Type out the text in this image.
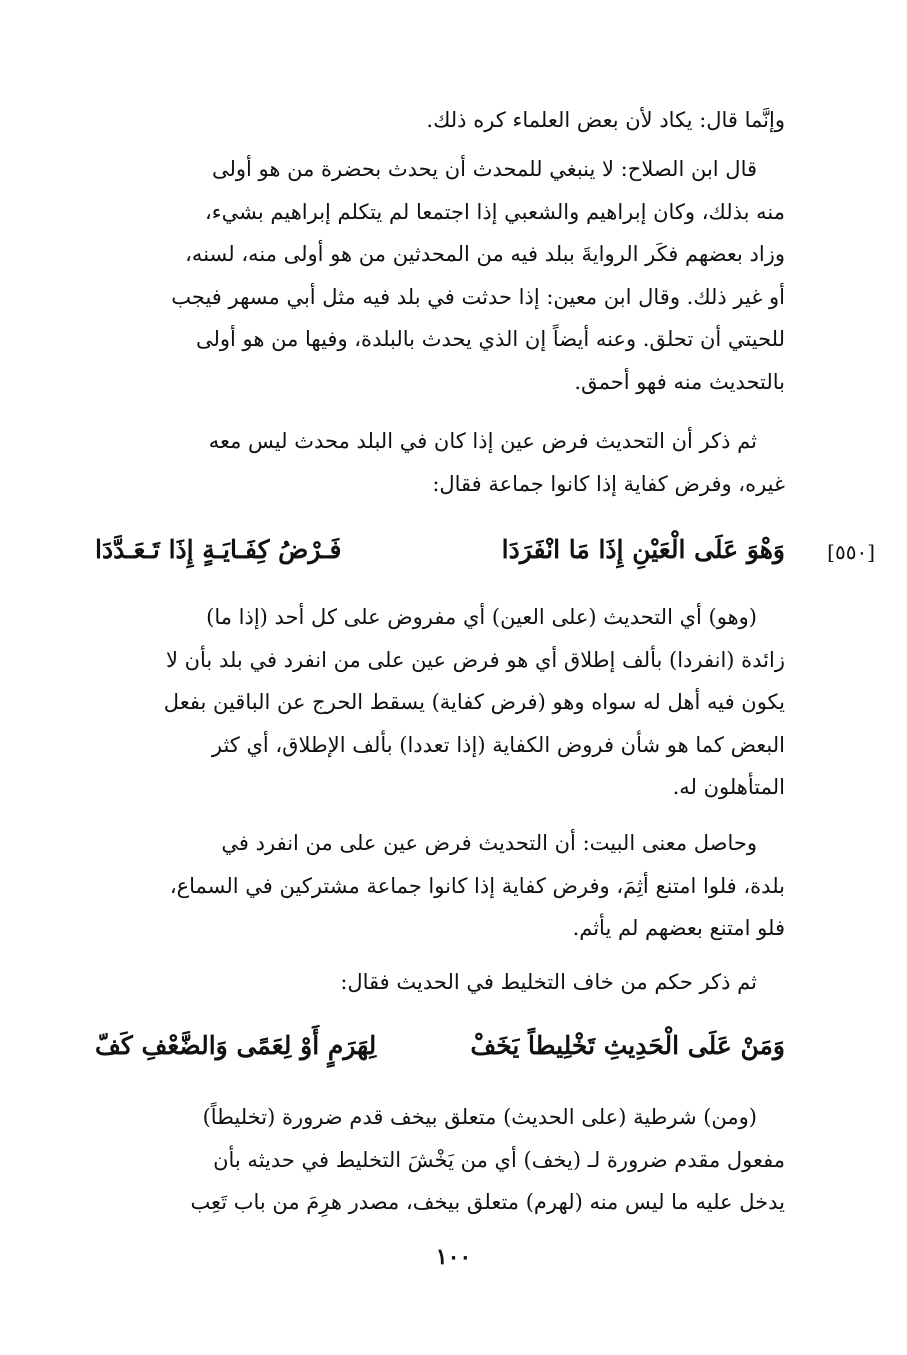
وإنَّما قال: يكاد لأن بعض العلماء كره ذلك.
قال ابن الصلاح: لا ينبغي للمحدث أن يحدث بحضرة من هو أولى
منه بذلك، وكان إبراهيم والشعبي إذا اجتمعا لم يتكلم إبراهيم بشيء،
وزاد بعضهم فكَر الروايةَ ببلد فيه من المحدثين من هو أولى منه، لسنه،
أو غير ذلك. وقال ابن معين: إذا حدثت في بلد فيه مثل أبي مسهر فيجب
للحيتي أن تحلق. وعنه أيضاً إن الذي يحدث بالبلدة، وفيها من هو أولى
بالتحديث منه فهو أحمق.
ثم ذكر أن التحديث فرض عين إذا كان في البلد محدث ليس معه
غيره، وفرض كفاية إذا كانوا جماعة فقال:
[٥٥٠]
وَهْوَ عَلَى الْعَيْنِ إِذَا مَا انْفَرَدَا
فَـرْضُ كِفَـايَـةٍ إِذَا تَـعَـدَّدَا
(وهو) أي التحديث (على العين) أي مفروض على كل أحد (إذا ما)
زائدة (انفردا) بألف إطلاق أي هو فرض عين على من انفرد في بلد بأن لا
يكون فيه أهل له سواه وهو (فرض كفاية) يسقط الحرج عن الباقين بفعل
البعض كما هو شأن فروض الكفاية (إذا تعددا) بألف الإطلاق، أي كثر
المتأهلون له.
وحاصل معنى البيت: أن التحديث فرض عين على من انفرد في
بلدة، فلوا امتنع أثِمَ، وفرض كفاية إذا كانوا جماعة مشتركين في السماع،
فلو امتنع بعضهم لم يأثم.
ثم ذكر حكم من خاف التخليط في الحديث فقال:
وَمَنْ عَلَى الْحَدِيثِ تَخْلِيطاً يَخَفْ
لِهَرَمٍ أَوْ لِعَمًى وَالضَّعْفِ كَفّ
(ومن) شرطية (على الحديث) متعلق بيخف قدم ضرورة (تخليطاً)
مفعول مقدم ضرورة لـ (يخف) أي من يَخْشَ التخليط في حديثه بأن
يدخل عليه ما ليس منه (لهرم) متعلق بيخف، مصدر هرِمَ من باب تَعِب
١٠٠
